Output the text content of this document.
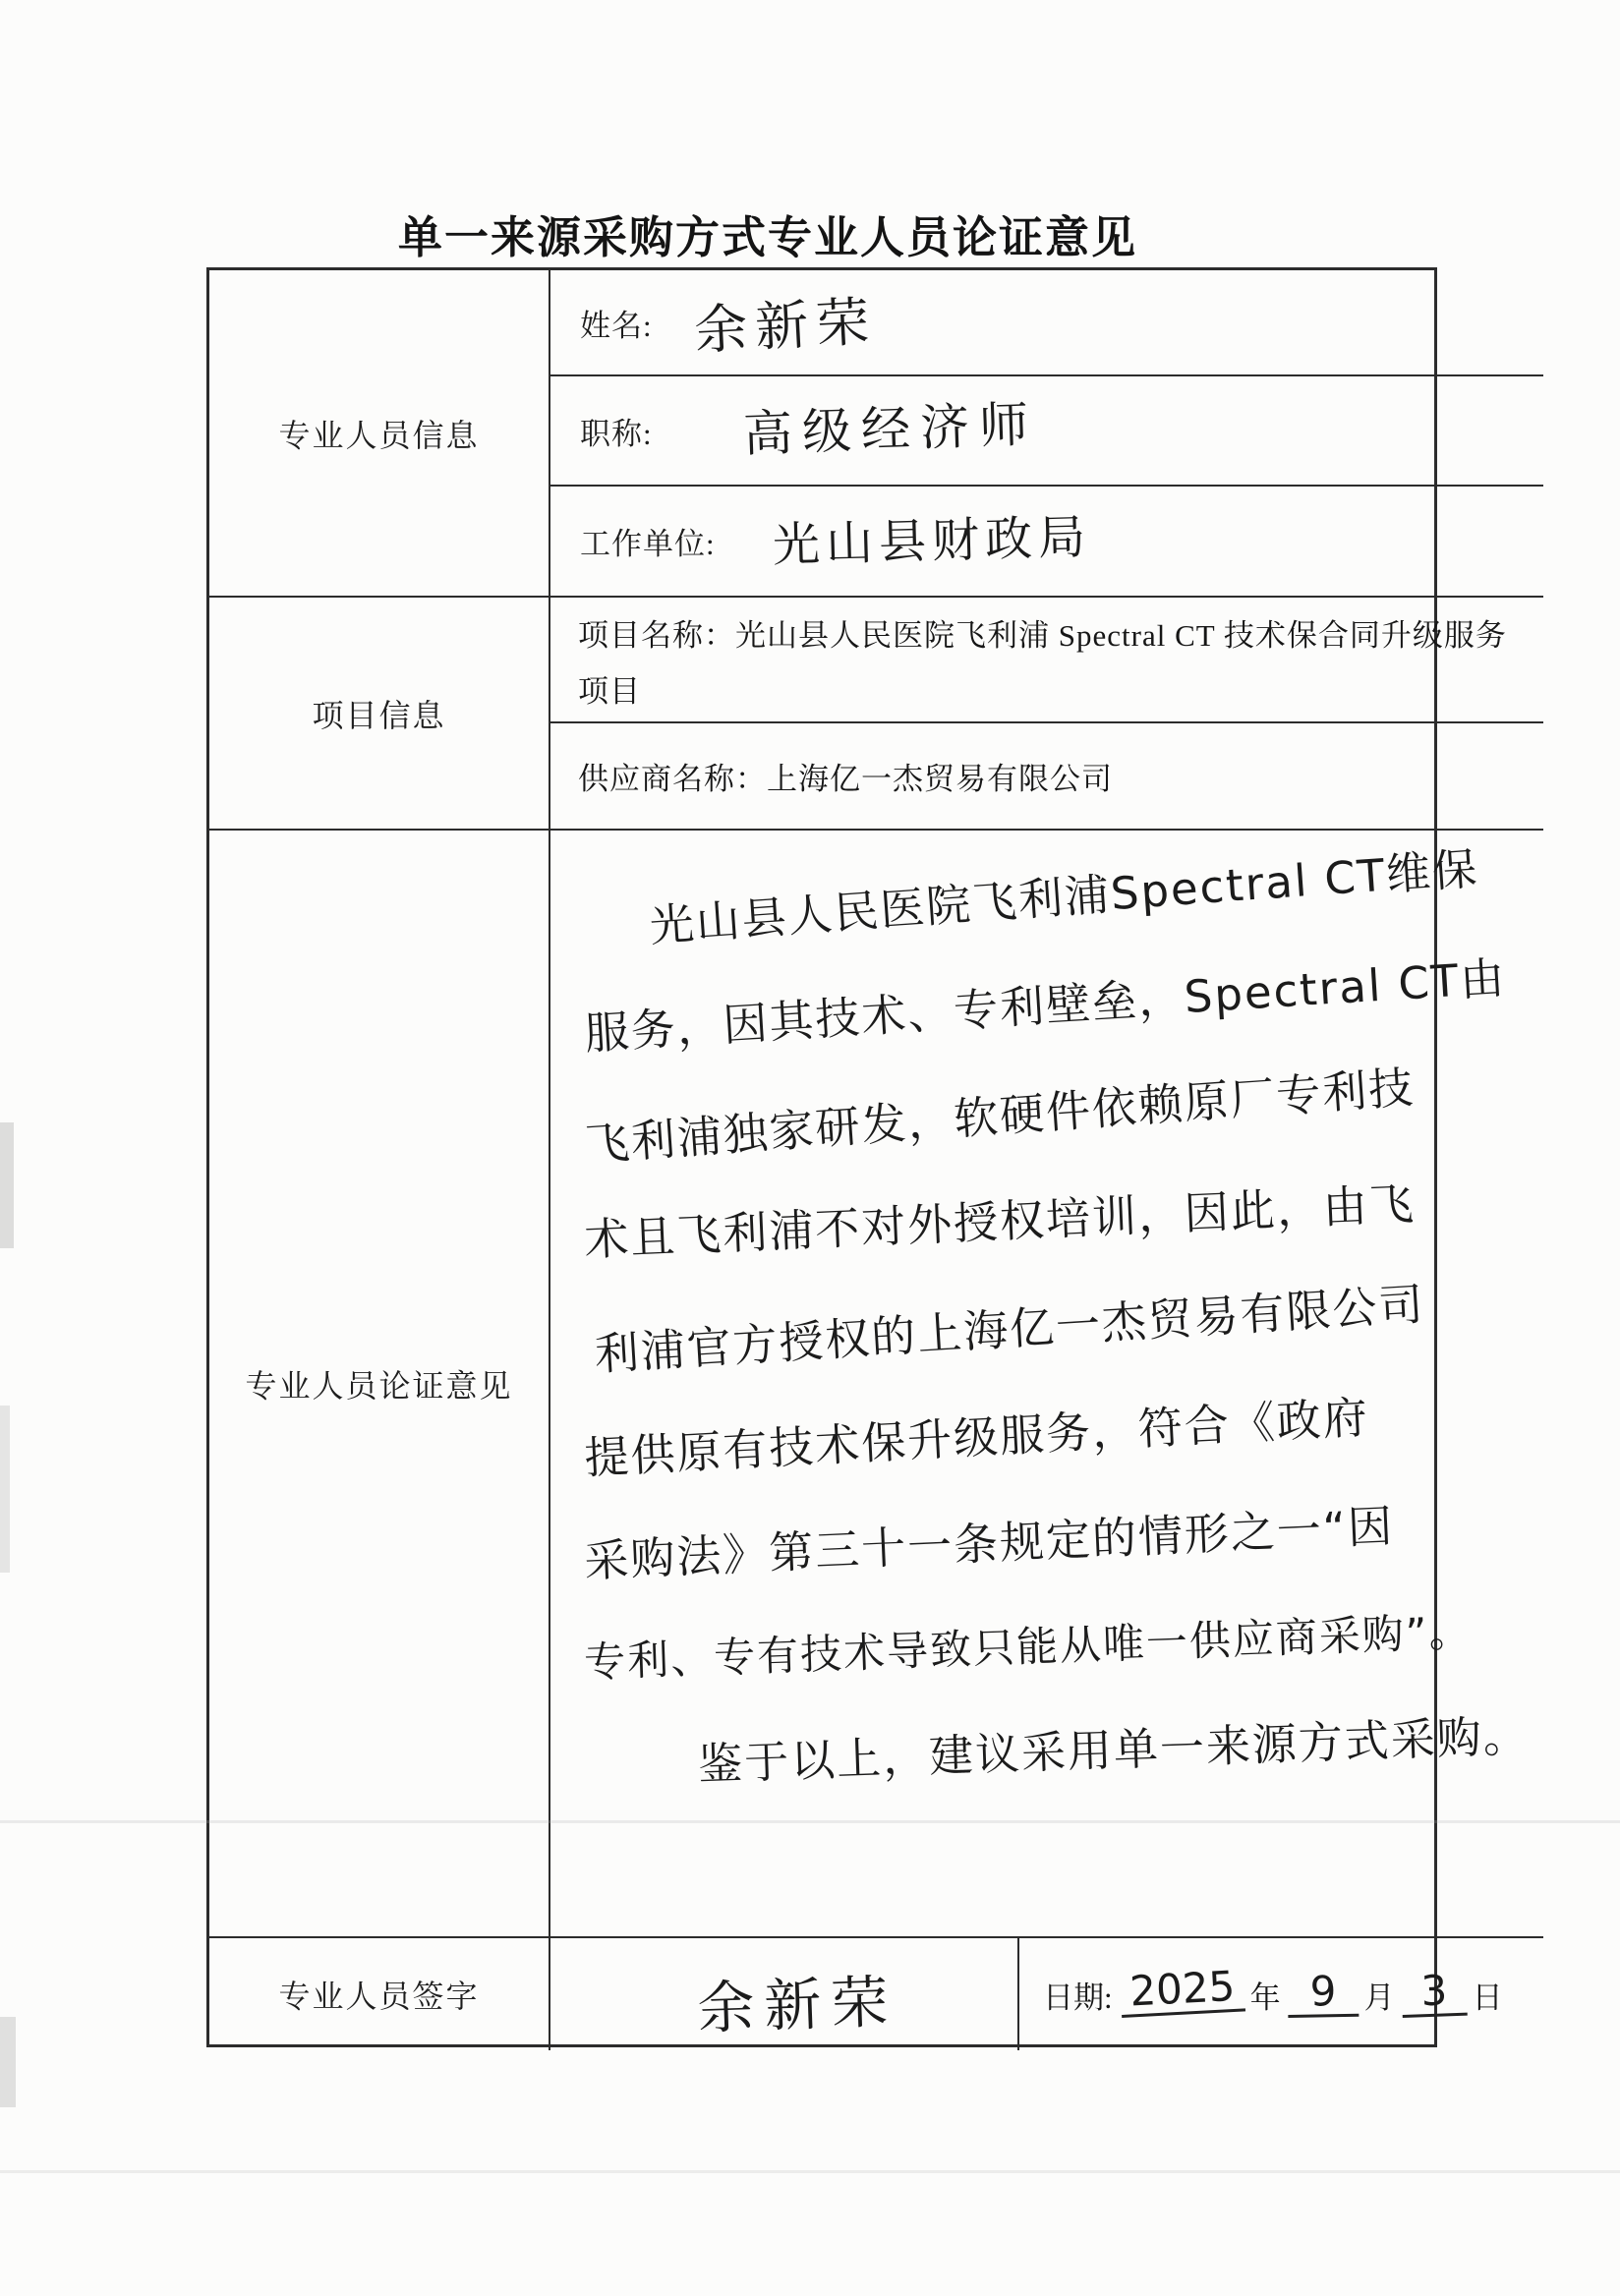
单一来源采购方式专业人员论证意见
专业人员信息
姓名: 余新荣
职称: 高级经济师
工作单位: 光山县财政局
项目信息
项目名称：光山县人民医院飞利浦 Spectral CT 技术保合同升级服务项目
供应商名称：上海亿一杰贸易有限公司
专业人员论证意见
光山县人民医院飞利浦Spectral CT维保
服务，因其技术、专利壁垒，Spectral CT由
飞利浦独家研发，软硬件依赖原厂专利技
术且飞利浦不对外授权培训，因此，由飞
利浦官方授权的上海亿一杰贸易有限公司
提供原有技术保升级服务，符合《政府
采购法》第三十一条规定的情形之一“因
专利、专有技术导致只能从唯一供应商采购”。
鉴于以上，建议采用单一来源方式采购。
专业人员签字	余新荣	日期: 2025 年 9 月 3 日
